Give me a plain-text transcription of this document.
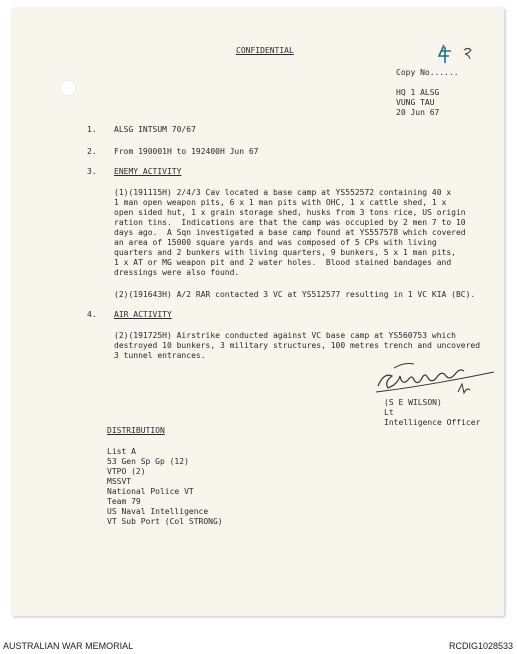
CONFIDENTIAL
Copy No......
HQ 1 ALSG
VUNG TAU
20 Jun 67
1. ALSG INTSUM 70/67
2. From 190001H to 192400H Jun 67
3. ENEMY ACTIVITY
(1)(191115H) 2/4/3 Cav located a base camp at YS552572 containing 40 x
1 man open weapon pits, 6 x 1 man pits with OHC, 1 x cattle shed, 1 x
open sided hut, 1 x grain storage shed, husks from 3 tons rice, US origin
ration tins.  Indications are that the camp was occupied by 2 men 7 to 10
days ago.  A Sqn investigated a base camp found at YS557578 which covered
an area of 15000 square yards and was composed of 5 CPs with living
quarters and 2 bunkers with living quarters, 9 bunkers, 5 x 1 man pits,
1 x AT or MG weapon pit and 2 water holes.  Blood stained bandages and
dressings were also found.
(2)(191643H) A/2 RAR contacted 3 VC at YS512577 resulting in 1 VC KIA (BC).
4. AIR ACTIVITY
(2)(191725H) Airstrike conducted against VC base camp at YS560753 which
destroyed 10 bunkers, 3 military structures, 100 metres trench and uncovered
3 tunnel entrances.
(S E WILSON)
Lt
Intelligence Officer
DISTRIBUTION
List A
53 Gen Sp Gp (12)
VTPO (2)
MSSVT
National Police VT
Team 79
US Naval Intelligence
VT Sub Port (Col STRONG)
AUSTRALIAN WAR MEMORIAL	RCDIG1028533
